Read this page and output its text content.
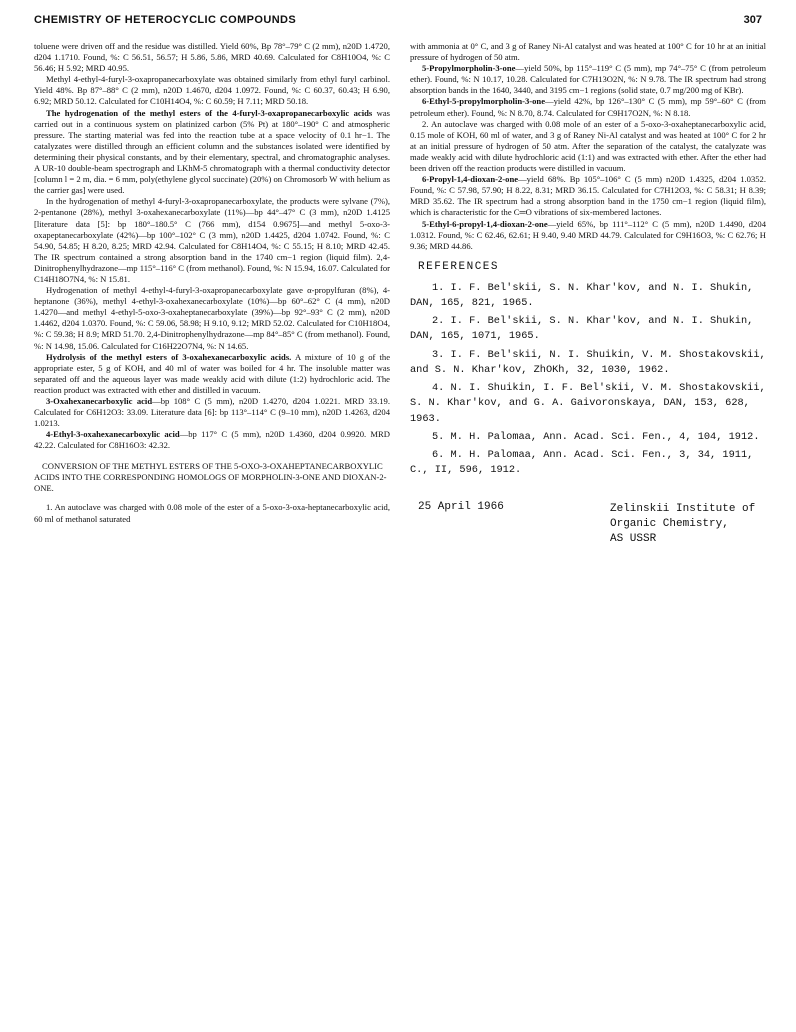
CHEMISTRY OF HETEROCYCLIC COMPOUNDS	307
toluene were driven off and the residue was distilled. Yield 60%, Bp 78°–79° C (2 mm), n20D 1.4720, d204 1.1710. Found, %: C 56.51, 56.57; H 5.86, 5.86, MRD 40.69. Calculated for C8H10O4, %: C 56.46; H 5.92; MRD 40.95.
Methyl 4-ethyl-4-furyl-3-oxapropanecarboxylate was obtained similarly from ethyl furyl carbinol. Yield 48%. Bp 87°–88° C (2 mm), n20D 1.4670, d204 1.0972. Found, %: C 60.37, 60.43; H 6.90, 6.92; MRD 50.12. Calculated for C10H14O4, %: C 60.59; H 7.11; MRD 50.18.
The hydrogenation of the methyl esters of the 4-furyl-3-oxapropanecarboxylic acids was carried out in a continuous system on platinized carbon (5% Pt) at 180°–190° C and atmospheric pressure. The starting material was fed into the reaction tube at a space velocity of 0.1 hr−1. The catalyzates were distilled through an efficient column and the substances isolated were identified by determining their physical constants, and by their elementary, spectral, and chromatographic analyses. A UR-10 double-beam spectrograph and LKhM-5 chromatograph with a thermal conductivity detector [column l = 2 m, dia. = 6 mm, poly(ethylene glycol succinate) (20%) on Chromosorb W with helium as the carrier gas] were used.
In the hydrogenation of methyl 4-furyl-3-oxapropanecarboxylate, the products were sylvane (7%), 2-pentanone (28%), methyl 3-oxahexanecarboxylate (11%)—bp 44°–47° C (3 mm), n20D 1.4125 [literature data [5]: bp 180°–180.5° C (766 mm), d154 0.9675]—and methyl 5-oxo-3-oxapeptanecarboxylate (42%)—bp 100°–102° C (3 mm), n20D 1.4425, d204 1.0742. Found, %: C 54.90, 54.85; H 8.20, 8.25; MRD 42.94. Calculated for C8H14O4, %: C 55.15; H 8.10; MRD 42.45. The IR spectrum contained a strong absorption band in the 1740 cm−1 region (liquid film). 2,4-Dinitrophenylhydrazone—mp 115°–116° C (from methanol). Found, %: N 15.94, 16.07. Calculated for C14H18O7N4, %: N 15.81.
Hydrogenation of methyl 4-ethyl-4-furyl-3-oxapropanecarboxylate gave α-propylfuran (8%), 4-heptanone (36%), methyl 4-ethyl-3-oxahexanecarboxylate (10%)—bp 60°–62° C (4 mm), n20D 1.4270—and methyl 4-ethyl-5-oxo-3-oxaheptanecarboxylate (39%)—bp 92°–93° C (2 mm), n20D 1.4462, d204 1.0370. Found, %: C 59.06, 58.98; H 9.10, 9.12; MRD 52.02. Calculated for C10H18O4, %: C 59.38; H 8.9; MRD 51.70. 2,4-Dinitrophenylhydrazone—mp 84°–85° C (from methanol). Found, %: N 14.98, 15.06. Calculated for C16H22O7N4, %: N 14.65.
Hydrolysis of the methyl esters of 3-oxahexanecarboxylic acids. A mixture of 10 g of the appropriate ester, 5 g of KOH, and 40 ml of water was boiled for 4 hr. The insoluble matter was separated off and the aqueous layer was made weakly acid with dilute (1:2) hydrochloric acid. The reaction product was extracted with ether and distilled in vacuum.
3-Oxahexanecarboxylic acid—bp 108° C (5 mm), n20D 1.4270, d204 1.0221. MRD 33.19. Calculated for C6H12O3: 33.09. Literature data [6]: bp 113°–114° C (9–10 mm), n20D 1.4263, d204 1.0213.
4-Ethyl-3-oxahexanecarboxylic acid—bp 117° C (5 mm), n20D 1.4360, d204 0.9920. MRD 42.22. Calculated for C8H16O3: 42.32.
CONVERSION OF THE METHYL ESTERS OF THE 5-OXO-3-OXAHEPTANECARBOXYLIC ACIDS INTO THE CORRESPONDING HOMOLOGS OF MORPHOLIN-3-ONE AND DIOXAN-2-ONE.
1. An autoclave was charged with 0.08 mole of the ester of a 5-oxo-3-oxa-heptanecarboxylic acid, 60 ml of methanol saturated
with ammonia at 0° C, and 3 g of Raney Ni-Al catalyst and was heated at 100° C for 10 hr at an initial pressure of hydrogen of 50 atm.
5-Propylmorpholin-3-one—yield 50%, bp 115°–119° C (5 mm), mp 74°–75° C (from petroleum ether). Found, %: N 10.17, 10.28. Calculated for C7H13O2N, %: N 9.78. The IR spectrum had strong absorption bands in the 1640, 3440, and 3195 cm−1 regions (solid state, 0.7 mg/200 mg of KBr).
6-Ethyl-5-propylmorpholin-3-one—yield 42%, bp 126°–130° C (5 mm), mp 59°–60° C (from petroleum ether). Found, %: N 8.70, 8.74. Calculated for C9H17O2N, %: N 8.18.
2. An autoclave was charged with 0.08 mole of an ester of a 5-oxo-3-oxaheptanecarboxylic acid, 0.15 mole of KOH, 60 ml of water, and 3 g of Raney Ni-Al catalyst and was heated at 100° C for 2 hr at an initial pressure of hydrogen of 50 atm. After the separation of the catalyst, the catalyzate was made weakly acid with dilute hydrochloric acid (1:1) and was extracted with ether. After the ether had been driven off the reaction products were distilled in vacuum.
6-Propyl-1,4-dioxan-2-one—yield 68%. Bp 105°–106° C (5 mm) n20D 1.4325, d204 1.0352. Found, %: C 57.98, 57.90; H 8.22, 8.31; MRD 36.15. Calculated for C7H12O3, %: C 58.31; H 8.39; MRD 35.62. The IR spectrum had a strong absorption band in the 1750 cm−1 region (liquid film), which is characteristic for the C═O vibrations of six-membered lactones.
5-Ethyl-6-propyl-1,4-dioxan-2-one—yield 65%, bp 111°–112° C (5 mm), n20D 1.4490, d204 1.0312. Found, %: C 62.46, 62.61; H 9.40, 9.40 MRD 44.79. Calculated for C9H16O3, %: C 62.76; H 9.36; MRD 44.86.
REFERENCES
1. I. F. Bel'skii, S. N. Khar'kov, and N. I. Shukin, DAN, 165, 821, 1965.
2. I. F. Bel'skii, S. N. Khar'kov, and N. I. Shukin, DAN, 165, 1071, 1965.
3. I. F. Bel'skii, N. I. Shuikin, V. M. Shostakovskii, and S. N. Khar'kov, ZhOKh, 32, 1030, 1962.
4. N. I. Shuikin, I. F. Bel'skii, V. M. Shostakovskii, S. N. Khar'kov, and G. A. Gaivoronskaya, DAN, 153, 628, 1963.
5. M. H. Palomaa, Ann. Acad. Sci. Fen., 4, 104, 1912.
6. M. H. Palomaa, Ann. Acad. Sci. Fen., 3, 34, 1911, C., II, 596, 1912.
25 April 1966	Zelinskii Institute of
Organic Chemistry,
AS USSR
